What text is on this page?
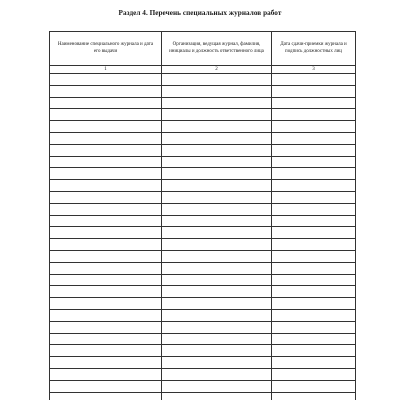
Раздел 4. Перечень специальных журналов работ
Наименование специального журнала и дата его выдачи	Организация, ведущая журнал, фамилия, инициалы и должность ответственного лица	Дата сдачи-приемки журнала и подпись должностных лиц

1	2	3
